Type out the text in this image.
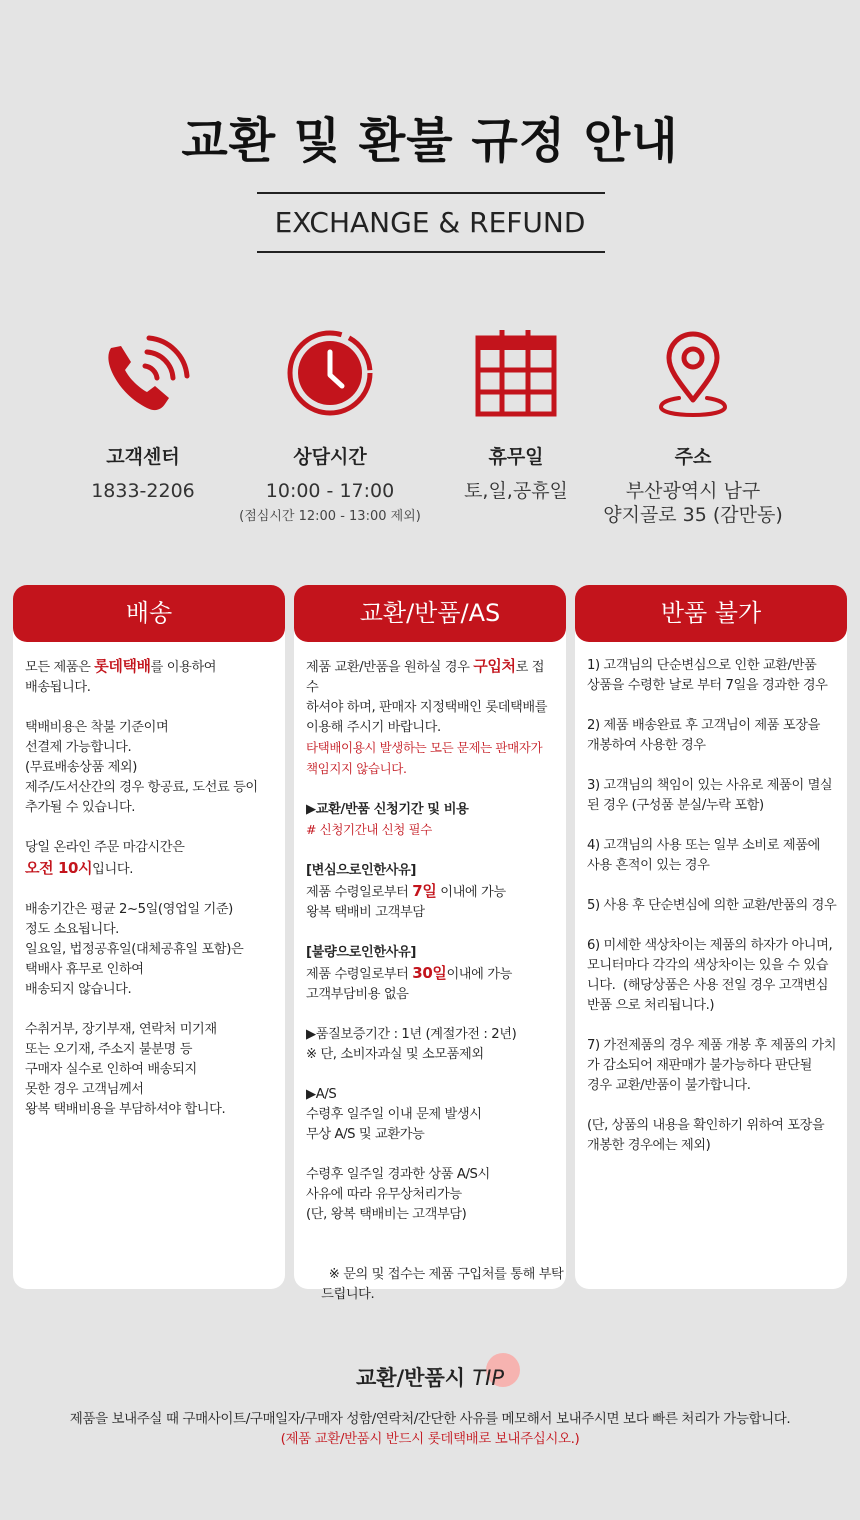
교환 및 환불 규정 안내
EXCHANGE & REFUND
고객센터
1833-2206
상담시간
10:00 - 17:00
(점심시간 12:00 - 13:00 제외)
휴무일
토,일,공휴일
주소
부산광역시 남구
양지골로 35 (감만동)
배송

모든 제품은 롯데택배를 이용하여
배송됩니다.

택배비용은 착불 기준이며
선결제 가능합니다.
(무료배송상품 제외)
제주/도서산간의 경우 항공료, 도선료 등이
추가될 수 있습니다.

당일 온라인 주문 마감시간은
오전 10시입니다.

배송기간은 평균 2~5일(영업일 기준)
정도 소요됩니다.
일요일, 법정공휴일(대체공휴일 포함)은
택배사 휴무로 인하여
배송되지 않습니다.

수취거부, 장기부재, 연락처 미기재
또는 오기재, 주소지 불분명 등
구매자 실수로 인하여 배송되지
못한 경우 고객님께서
왕복 택배비용을 부담하셔야 합니다.

교환/반품/AS

제품 교환/반품을 원하실 경우 구입처로 접수
하셔야 하며, 판매자 지정택배인 롯데택배를
이용해 주시기 바랍니다.
타택배이용시 발생하는 모든 문제는 판매자가
책임지지 않습니다.

▶교환/반품 신청기간 및 비용
# 신청기간내 신청 필수

[변심으로인한사유]
제품 수령일로부터 7일 이내에 가능
왕복 택배비 고객부담

[불량으로인한사유]
제품 수령일로부터 30일이내에 가능
고객부담비용 없음

▶품질보증기간 : 1년 (계절가전 : 2년)
※ 단, 소비자과실 및 소모품제외

▶A/S
수령후 일주일 이내 문제 발생시
무상 A/S 및 교환가능

수령후 일주일 경과한 상품 A/S시
사유에 따라 유무상처리가능
(단, 왕복 택배비는 고객부담)

※ 문의 및 접수는 제품 구입처를 통해 부탁
드립니다.

반품 불가

1) 고객님의 단순변심으로 인한 교환/반품
상품을 수령한 날로 부터 7일을 경과한 경우

2) 제품 배송완료 후 고객님이 제품 포장을
개봉하여 사용한 경우

3) 고객님의 책임이 있는 사유로 제품이 멸실
된 경우 (구성품 분실/누락 포함)

4) 고객님의 사용 또는 일부 소비로 제품에
사용 흔적이 있는 경우

5) 사용 후 단순변심에 의한 교환/반품의 경우

6) 미세한 색상차이는 제품의 하자가 아니며,
모니터마다 각각의 색상차이는 있을 수 있습
니다.  (해당상품은 사용 전일 경우 고객변심
반품 으로 처리됩니다.)

7) 가전제품의 경우 제품 개봉 후 제품의 가치
가 감소되어 재판매가 불가능하다 판단될
경우 교환/반품이 불가합니다.

(단, 상품의 내용을 확인하기 위하여 포장을
개봉한 경우에는 제외)

교환/반품시 TIP
제품을 보내주실 때 구매사이트/구매일자/구매자 성함/연락처/간단한 사유를 메모해서 보내주시면 보다 빠른 처리가 가능합니다.
(제품 교환/반품시 반드시 롯데택배로 보내주십시오.)
